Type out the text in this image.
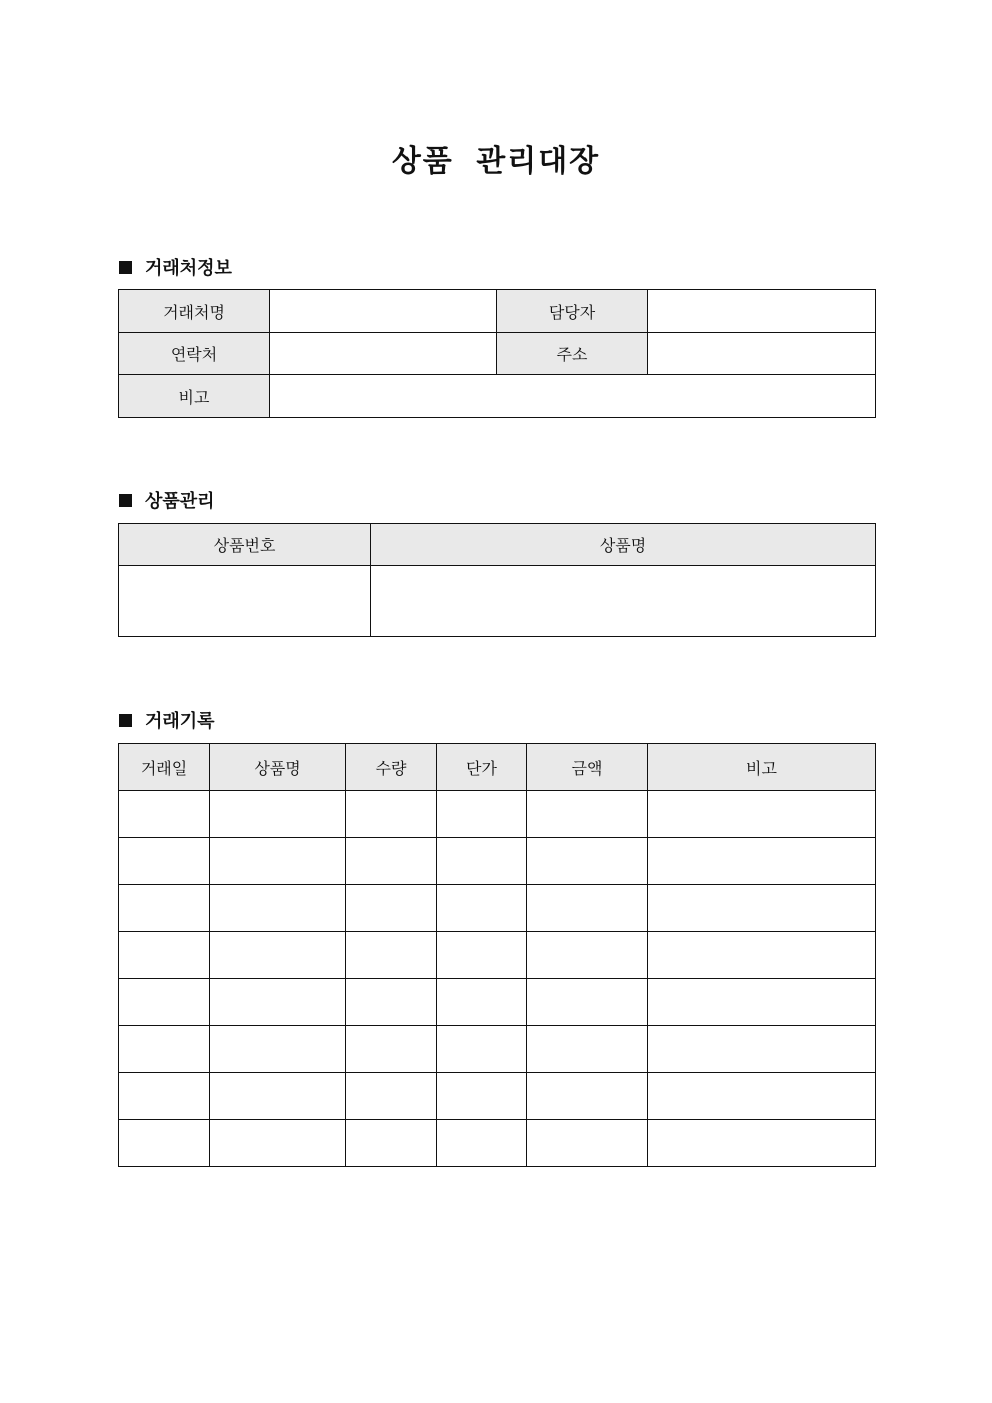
상품 관리대장
거래처정보
거래처명		담당자	
연락처		주소	
비고			
상품관리
상품번호	상품명

거래기록
거래일	상품명	수량	단가	금액	비고
